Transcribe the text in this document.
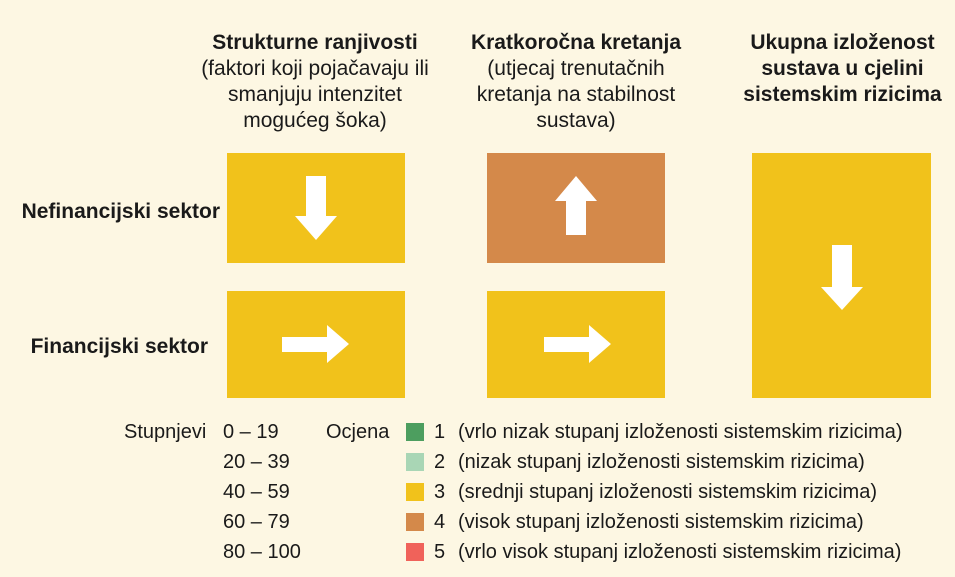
Strukturne ranjivosti
(faktori koji pojačavaju ili
smanjuju intenzitet
mogućeg šoka)
Kratkoročna kretanja
(utjecaj trenutačnih
kretanja na stabilnost
sustava)
Ukupna izloženost
sustava u cjelini
sistemskim rizicima
Nefinancijski sektor
Financijski sektor
Stupnjevi 0 – 19
20 – 39
40 – 59
60 – 79
80 – 100
Ocjena 1
2
3
4
5
(vrlo nizak stupanj izloženosti sistemskim rizicima)
(nizak stupanj izloženosti sistemskim rizicima)
(srednji stupanj izloženosti sistemskim rizicima)
(visok stupanj izloženosti sistemskim rizicima)
(vrlo visok stupanj izloženosti sistemskim rizicima)
